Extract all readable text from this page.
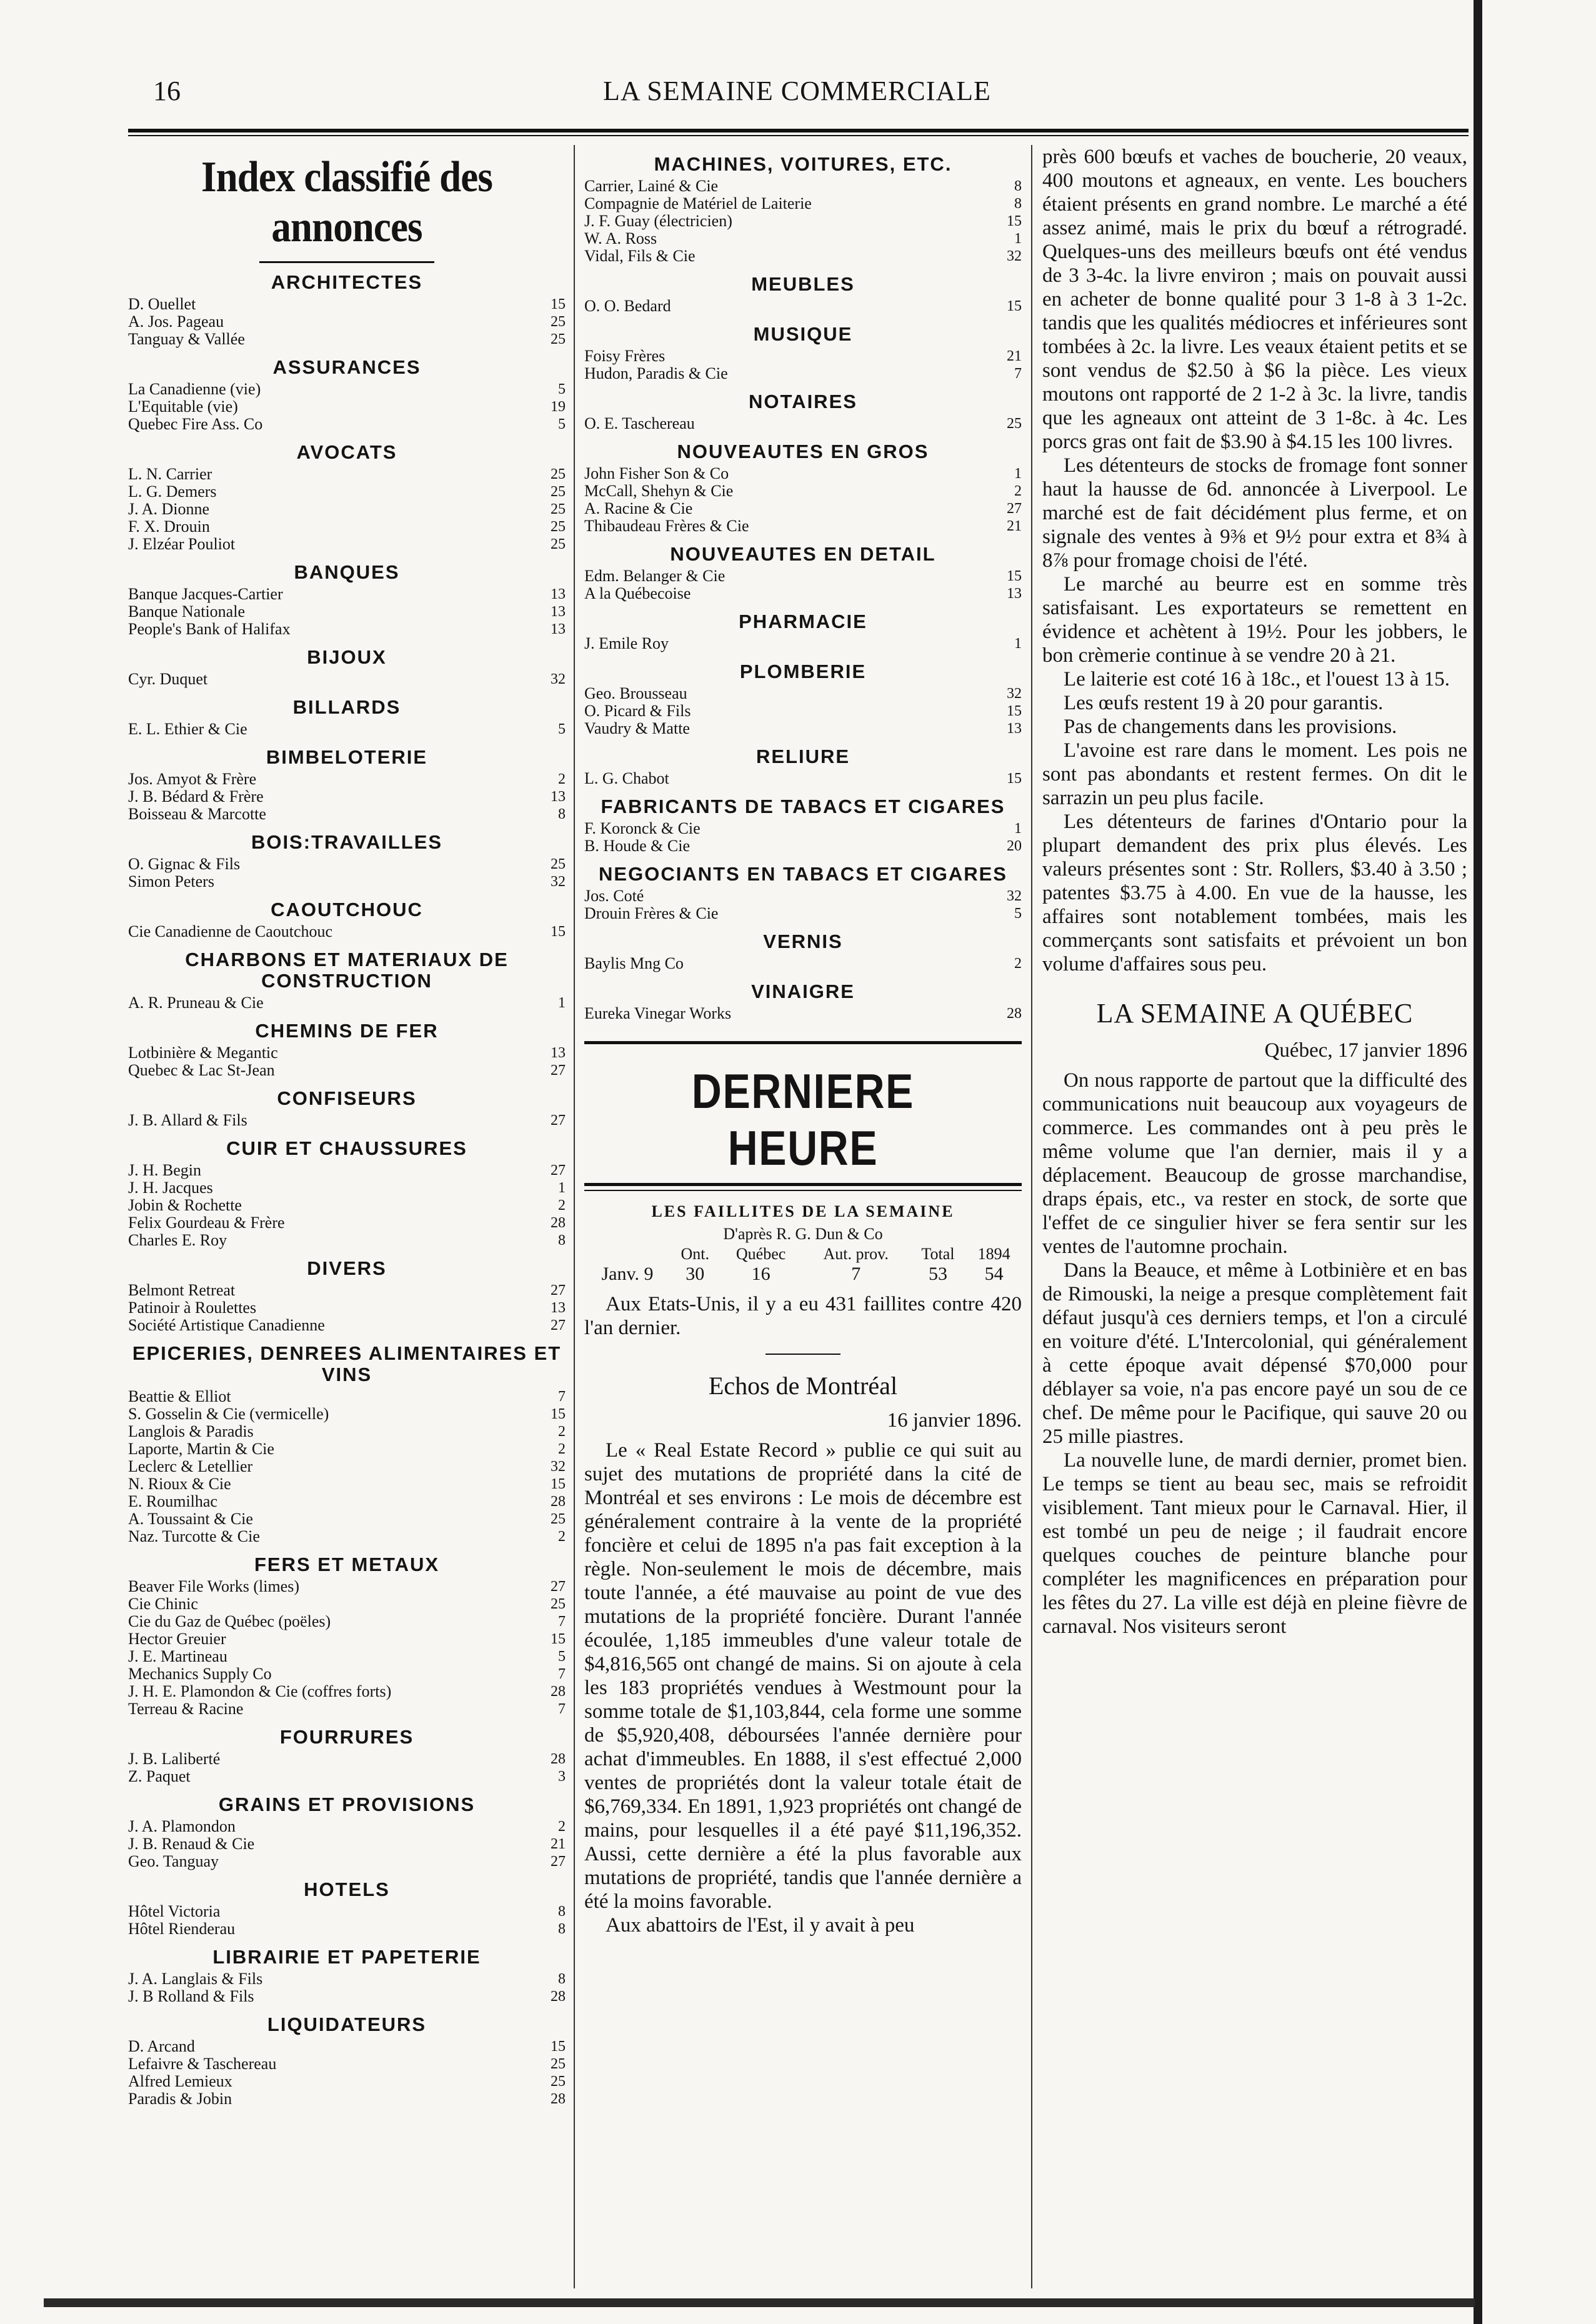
16	LA SEMAINE COMMERCIALE
Index classifié des annonces
ARCHITECTES
D. Ouellet	15
A. Jos. Pageau	25
Tanguay & Vallée	25
ASSURANCES
La Canadienne (vie)	5
L'Equitable (vie)	19
Quebec Fire Ass. Co	5
AVOCATS
L. N. Carrier	25
L. G. Demers	25
J. A. Dionne	25
F. X. Drouin	25
J. Elzéar Pouliot	25
BANQUES
Banque Jacques-Cartier	13
Banque Nationale	13
People's Bank of Halifax	13
BIJOUX
Cyr. Duquet	32
BILLARDS
E. L. Ethier & Cie	5
BIMBELOTERIE
Jos. Amyot & Frère	2
J. B. Bédard & Frère	13
Boisseau & Marcotte	8
BOIS:TRAVAILLES
O. Gignac & Fils	25
Simon Peters	32
CAOUTCHOUC
Cie Canadienne de Caoutchouc	15
CHARBONS ET MATERIAUX DE CONSTRUCTION
A. R. Pruneau & Cie	1
CHEMINS DE FER
Lotbinière & Megantic	13
Quebec & Lac St-Jean	27
CONFISEURS
J. B. Allard & Fils	27
CUIR ET CHAUSSURES
J. H. Begin	27
J. H. Jacques	1
Jobin & Rochette	2
Felix Gourdeau & Frère	28
Charles E. Roy	8
DIVERS
Belmont Retreat	27
Patinoir à Roulettes	13
Société Artistique Canadienne	27
EPICERIES, DENREES ALIMENTAIRES ET VINS
Beattie & Elliot	7
S. Gosselin & Cie (vermicelle)	15
Langlois & Paradis	2
Laporte, Martin & Cie	2
Leclerc & Letellier	32
N. Rioux & Cie	15
E. Roumilhac	28
A. Toussaint & Cie	25
Naz. Turcotte & Cie	2
FERS ET METAUX
Beaver File Works (limes)	27
Cie Chinic	25
Cie du Gaz de Québec (poëles)	7
Hector Greuier	15
J. E. Martineau	5
Mechanics Supply Co	7
J. H. E. Plamondon & Cie (coffres forts)	28
Terreau & Racine	7
FOURRURES
J. B. Laliberté	28
Z. Paquet	3
GRAINS ET PROVISIONS
J. A. Plamondon	2
J. B. Renaud & Cie	21
Geo. Tanguay	27
HOTELS
Hôtel Victoria	8
Hôtel Rienderau	8
LIBRAIRIE ET PAPETERIE
J. A. Langlais & Fils	8
J. B Rolland & Fils	28
LIQUIDATEURS
D. Arcand	15
Lefaivre & Taschereau	25
Alfred Lemieux	25
Paradis & Jobin	28
MACHINES, VOITURES, ETC.
Carrier, Lainé & Cie	8
Compagnie de Matériel de Laiterie	8
J. F. Guay (électricien)	15
W. A. Ross	1
Vidal, Fils & Cie	32
MEUBLES
O. O. Bedard	15
MUSIQUE
Foisy Frères	21
Hudon, Paradis & Cie	7
NOTAIRES
O. E. Taschereau	25
NOUVEAUTES EN GROS
John Fisher Son & Co	1
McCall, Shehyn & Cie	2
A. Racine & Cie	27
Thibaudeau Frères & Cie	21
NOUVEAUTES EN DETAIL
Edm. Belanger & Cie	15
A la Québecoise	13
PHARMACIE
J. Emile Roy	1
PLOMBERIE
Geo. Brousseau	32
O. Picard & Fils	15
Vaudry & Matte	13
RELIURE
L. G. Chabot	15
FABRICANTS DE TABACS ET CIGARES
F. Koronck & Cie	1
B. Houde & Cie	20
NEGOCIANTS EN TABACS ET CIGARES
Jos. Coté	32
Drouin Frères & Cie	5
VERNIS
Baylis Mng Co	2
VINAIGRE
Eureka Vinegar Works	28
DERNIERE HEURE
LES FAILLITES DE LA SEMAINE
D'après R. G. Dun & Co
	Ont.	Québec	Aut. prov.	Total	1894
Janv. 9	30	16	7	53	54

Aux Etats-Unis, il y a eu 431 faillites contre 420 l'an dernier.

Echos de Montréal
16 janvier 1896.

Le « Real Estate Record » publie ce qui suit au sujet des mutations de propriété dans la cité de Montréal et ses environs : Le mois de décembre est généralement contraire à la vente de la propriété foncière et celui de 1895 n'a pas fait exception à la règle. Non-seulement le mois de décembre, mais toute l'année, a été mauvaise au point de vue des mutations de la propriété foncière. Durant l'année écoulée, 1,185 immeubles d'une valeur totale de $4,816,565 ont changé de mains. Si on ajoute à cela les 183 propriétés vendues à Westmount pour la somme totale de $1,103,844, cela forme une somme de $5,920,408, déboursées l'année dernière pour achat d'immeubles. En 1888, il s'est effectué 2,000 ventes de propriétés dont la valeur totale était de $6,769,334. En 1891, 1,923 propriétés ont changé de mains, pour lesquelles il a été payé $11,196,352. Aussi, cette dernière a été la plus favorable aux mutations de propriété, tandis que l'année dernière a été la moins favorable.

Aux abattoirs de l'Est, il y avait à peu

près 600 bœufs et vaches de boucherie, 20 veaux, 400 moutons et agneaux, en vente. Les bouchers étaient présents en grand nombre. Le marché a été assez animé, mais le prix du bœuf a rétrogradé. Quelques-uns des meilleurs bœufs ont été vendus de 3 3-4c. la livre environ ; mais on pouvait aussi en acheter de bonne qualité pour 3 1-8 à 3 1-2c. tandis que les qualités médiocres et inférieures sont tombées à 2c. la livre. Les veaux étaient petits et se sont vendus de $2.50 à $6 la pièce. Les vieux moutons ont rapporté de 2 1-2 à 3c. la livre, tandis que les agneaux ont atteint de 3 1-8c. à 4c. Les porcs gras ont fait de $3.90 à $4.15 les 100 livres.

Les détenteurs de stocks de fromage font sonner haut la hausse de 6d. annoncée à Liverpool. Le marché est de fait décidément plus ferme, et on signale des ventes à 9⅜ et 9½ pour extra et 8¾ à 8⅞ pour fromage choisi de l'été.

Le marché au beurre est en somme très satisfaisant. Les exportateurs se remettent en évidence et achètent à 19½. Pour les jobbers, le bon crèmerie continue à se vendre 20 à 21.

Le laiterie est coté 16 à 18c., et l'ouest 13 à 15.

Les œufs restent 19 à 20 pour garantis.

Pas de changements dans les provisions.

L'avoine est rare dans le moment. Les pois ne sont pas abondants et restent fermes. On dit le sarrazin un peu plus facile.

Les détenteurs de farines d'Ontario pour la plupart demandent des prix plus élevés. Les valeurs présentes sont : Str. Rollers, $3.40 à 3.50 ; patentes $3.75 à 4.00. En vue de la hausse, les affaires sont notablement tombées, mais les commerçants sont satisfaits et prévoient un bon volume d'affaires sous peu.

LA SEMAINE A QUÉBEC
Québec, 17 janvier 1896

On nous rapporte de partout que la difficulté des communications nuit beaucoup aux voyageurs de commerce. Les commandes ont à peu près le même volume que l'an dernier, mais il y a déplacement. Beaucoup de grosse marchandise, draps épais, etc., va rester en stock, de sorte que l'effet de ce singulier hiver se fera sentir sur les ventes de l'automne prochain.

Dans la Beauce, et même à Lotbinière et en bas de Rimouski, la neige a presque complètement fait défaut jusqu'à ces derniers temps, et l'on a circulé en voiture d'été. L'Intercolonial, qui généralement à cette époque avait dépensé $70,000 pour déblayer sa voie, n'a pas encore payé un sou de ce chef. De même pour le Pacifique, qui sauve 20 ou 25 mille piastres.

La nouvelle lune, de mardi dernier, promet bien. Le temps se tient au beau sec, mais se refroidit visiblement. Tant mieux pour le Carnaval. Hier, il est tombé un peu de neige ; il faudrait encore quelques couches de peinture blanche pour compléter les magnificences en préparation pour les fêtes du 27. La ville est déjà en pleine fièvre de carnaval. Nos visiteurs seront
